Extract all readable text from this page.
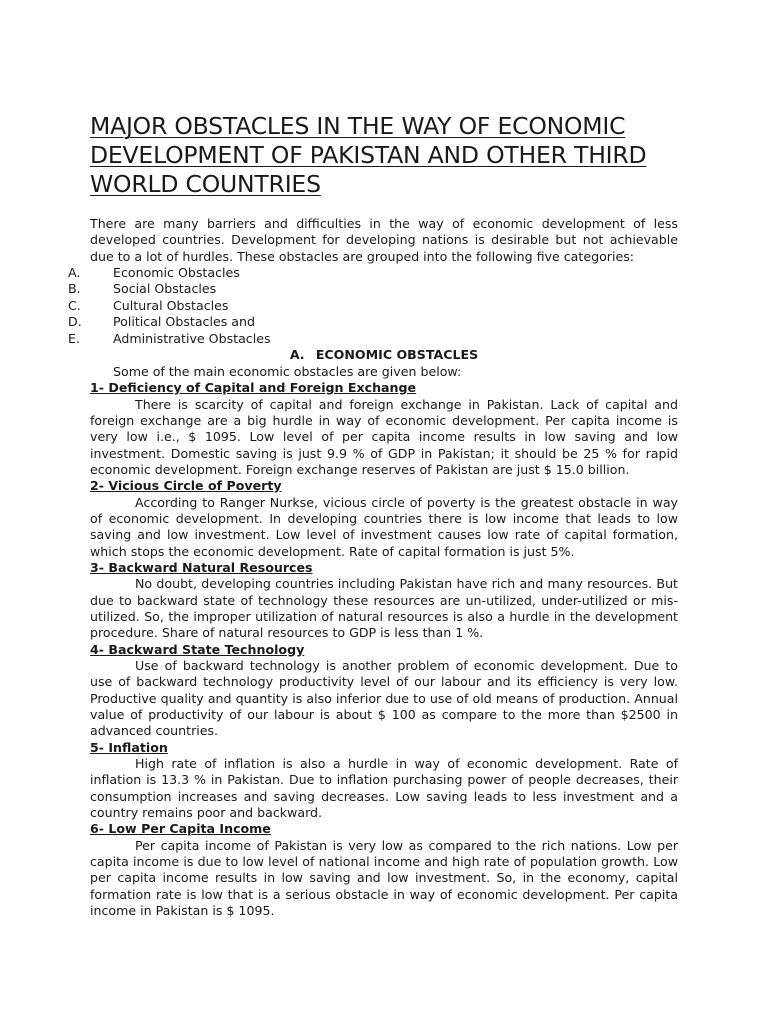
MAJOR OBSTACLES IN THE WAY OF ECONOMIC DEVELOPMENT OF PAKISTAN AND OTHER THIRD WORLD COUNTRIES

There are many barriers and difficulties in the way of economic development of less developed countries. Development for developing nations is desirable but not achievable due to a lot of hurdles. These obstacles are grouped into the following five categories:

A.	Economic Obstacles
B.	Social Obstacles
C.	Cultural Obstacles
D. Political Obstacles and
E.	Administrative Obstacles

A. ECONOMIC OBSTACLES

Some of the main economic obstacles are given below:

1- Deficiency of Capital and Foreign Exchange

There is scarcity of capital and foreign exchange in Pakistan. Lack of capital and foreign exchange are a big hurdle in way of economic development. Per capita income is very low i.e., $ 1095. Low level of per capita income results in low saving and low investment. Domestic saving is just 9.9 % of GDP in Pakistan; it should be 25 % for rapid economic development. Foreign exchange reserves of Pakistan are just $ 15.0 billion.

2- Vicious Circle of Poverty

According to Ranger Nurkse, vicious circle of poverty is the greatest obstacle in way of economic development. In developing countries there is low income that leads to low saving and low investment. Low level of investment causes low rate of capital formation, which stops the economic development. Rate of capital formation is just 5%.

3- Backward Natural Resources

No doubt, developing countries including Pakistan have rich and many resources. But due to backward state of technology these resources are un-utilized, under-utilized or mis-utilized. So, the improper utilization of natural resources is also a hurdle in the development procedure. Share of natural resources to GDP is less than 1 %.

4- Backward State Technology

Use of backward technology is another problem of economic development. Due to use of backward technology productivity level of our labour and its efficiency is very low. Productive quality and quantity is also inferior due to use of old means of production. Annual value of productivity of our labour is about $ 100 as compare to the more than $2500 in advanced countries.

5- Inflation

High rate of inflation is also a hurdle in way of economic development. Rate of inflation is 13.3 % in Pakistan. Due to inflation purchasing power of people decreases, their consumption increases and saving decreases. Low saving leads to less investment and a country remains poor and backward.

6- Low Per Capita Income

Per capita income of Pakistan is very low as compared to the rich nations. Low per capita income is due to low level of national income and high rate of population growth. Low per capita income results in low saving and low investment. So, in the economy, capital formation rate is low that is a serious obstacle in way of economic development. Per capita income in Pakistan is $ 1095.
